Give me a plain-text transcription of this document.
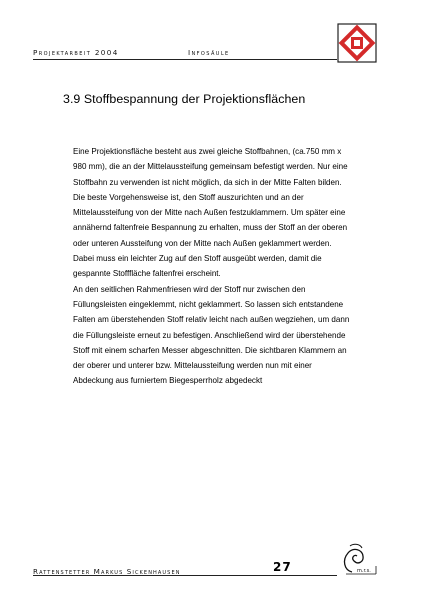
Projektarbeit 2004	Infosäule
3.9 Stoffbespannung der Projektionsflächen

Eine Projektionsfläche besteht aus zwei gleiche Stoffbahnen, (ca.750 mm x

980 mm), die an der Mittelaussteifung gemeinsam befestigt werden. Nur eine

Stoffbahn zu verwenden ist nicht möglich, da sich in der Mitte Falten bilden.

Die beste Vorgehensweise ist, den Stoff auszurichten und an der

Mittelaussteifung von der Mitte nach Außen festzuklammern. Um später eine

annähernd faltenfreie Bespannung zu erhalten, muss der Stoff an der oberen

oder unteren Aussteifung von der Mitte nach Außen geklammert werden.

Dabei muss ein leichter Zug auf den Stoff ausgeübt werden, damit die

gespannte Stofffläche faltenfrei erscheint.

An den seitlichen Rahmenfriesen wird der Stoff nur zwischen den

Füllungsleisten eingeklemmt, nicht geklammert. So lassen sich entstandene

Falten am überstehenden Stoff relativ leicht nach außen wegziehen, um dann

die Füllungsleiste erneut zu befestigen. Anschließend wird der überstehende

Stoff mit einem scharfen Messer abgeschnitten. Die sichtbaren Klammern an

der oberer und unterer bzw. Mittelaussteifung werden nun mit einer

Abdeckung aus furniertem Biegesperrholz abgedeckt

Rattenstetter Markus Sickenhausen	27	m.r.s.
